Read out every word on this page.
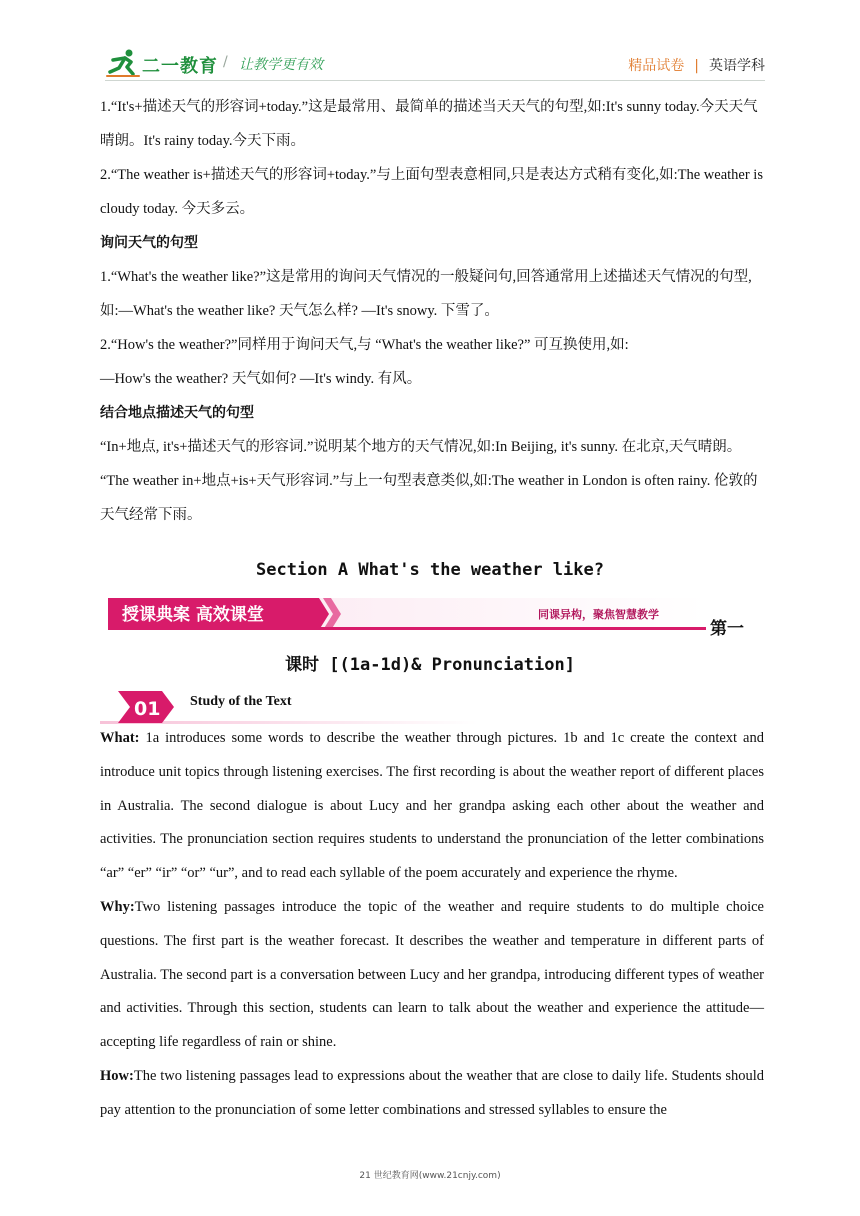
二一教育 / 让教学更有效	精品试卷 | 英语学科

1.“It's+描述天气的形容词+today.”这是最常用、最简单的描述当天天气的句型,如:It's sunny today.今天天气晴朗。It's rainy today.今天下雨。

2.“The weather is+描述天气的形容词+today.”与上面句型表意相同,只是表达方式稍有变化,如:The weather is cloudy today. 今天多云。

询问天气的句型

1.“What's the weather like?”这是常用的询问天气情况的一般疑问句,回答通常用上述描述天气情况的句型,如:—What's the weather like? 天气怎么样? —It's snowy. 下雪了。

2.“How's the weather?”同样用于询问天气,与 “What's the weather like?” 可互换使用,如:

—How's the weather? 天气如何? —It's windy. 有风。

结合地点描述天气的句型

“In+地点, it's+描述天气的形容词.”说明某个地方的天气情况,如:In Beijing, it's sunny. 在北京,天气晴朗。

“The weather in+地点+is+天气形容词.”与上一句型表意类似,如:The weather in London is often rainy. 伦敦的天气经常下雨。

Section A What's the weather like?
授课典案 高效课堂	同课异构，聚焦智慧教学
第一
课时 [(1a-1d)& Pronunciation]
01 Study of the Text

What: 1a introduces some words to describe the weather through pictures. 1b and 1c create the context and introduce unit topics through listening exercises. The first recording is about the weather report of different places in Australia. The second dialogue is about Lucy and her grandpa asking each other about the weather and activities. The pronunciation section requires students to understand the pronunciation of the letter combinations “ar” “er” “ir” “or” “ur”, and to read each syllable of the poem accurately and experience the rhyme.

Why:Two listening passages introduce the topic of the weather and require students to do multiple choice questions. The first part is the weather forecast. It describes the weather and temperature in different parts of Australia. The second part is a conversation between Lucy and her grandpa, introducing different types of weather and activities. Through this section, students can learn to talk about the weather and experience the attitude—accepting life regardless of rain or shine.

How:The two listening passages lead to expressions about the weather that are close to daily life. Students should pay attention to the pronunciation of some letter combinations and stressed syllables to ensure the

21 世纪教育网(www.21cnjy.com)
